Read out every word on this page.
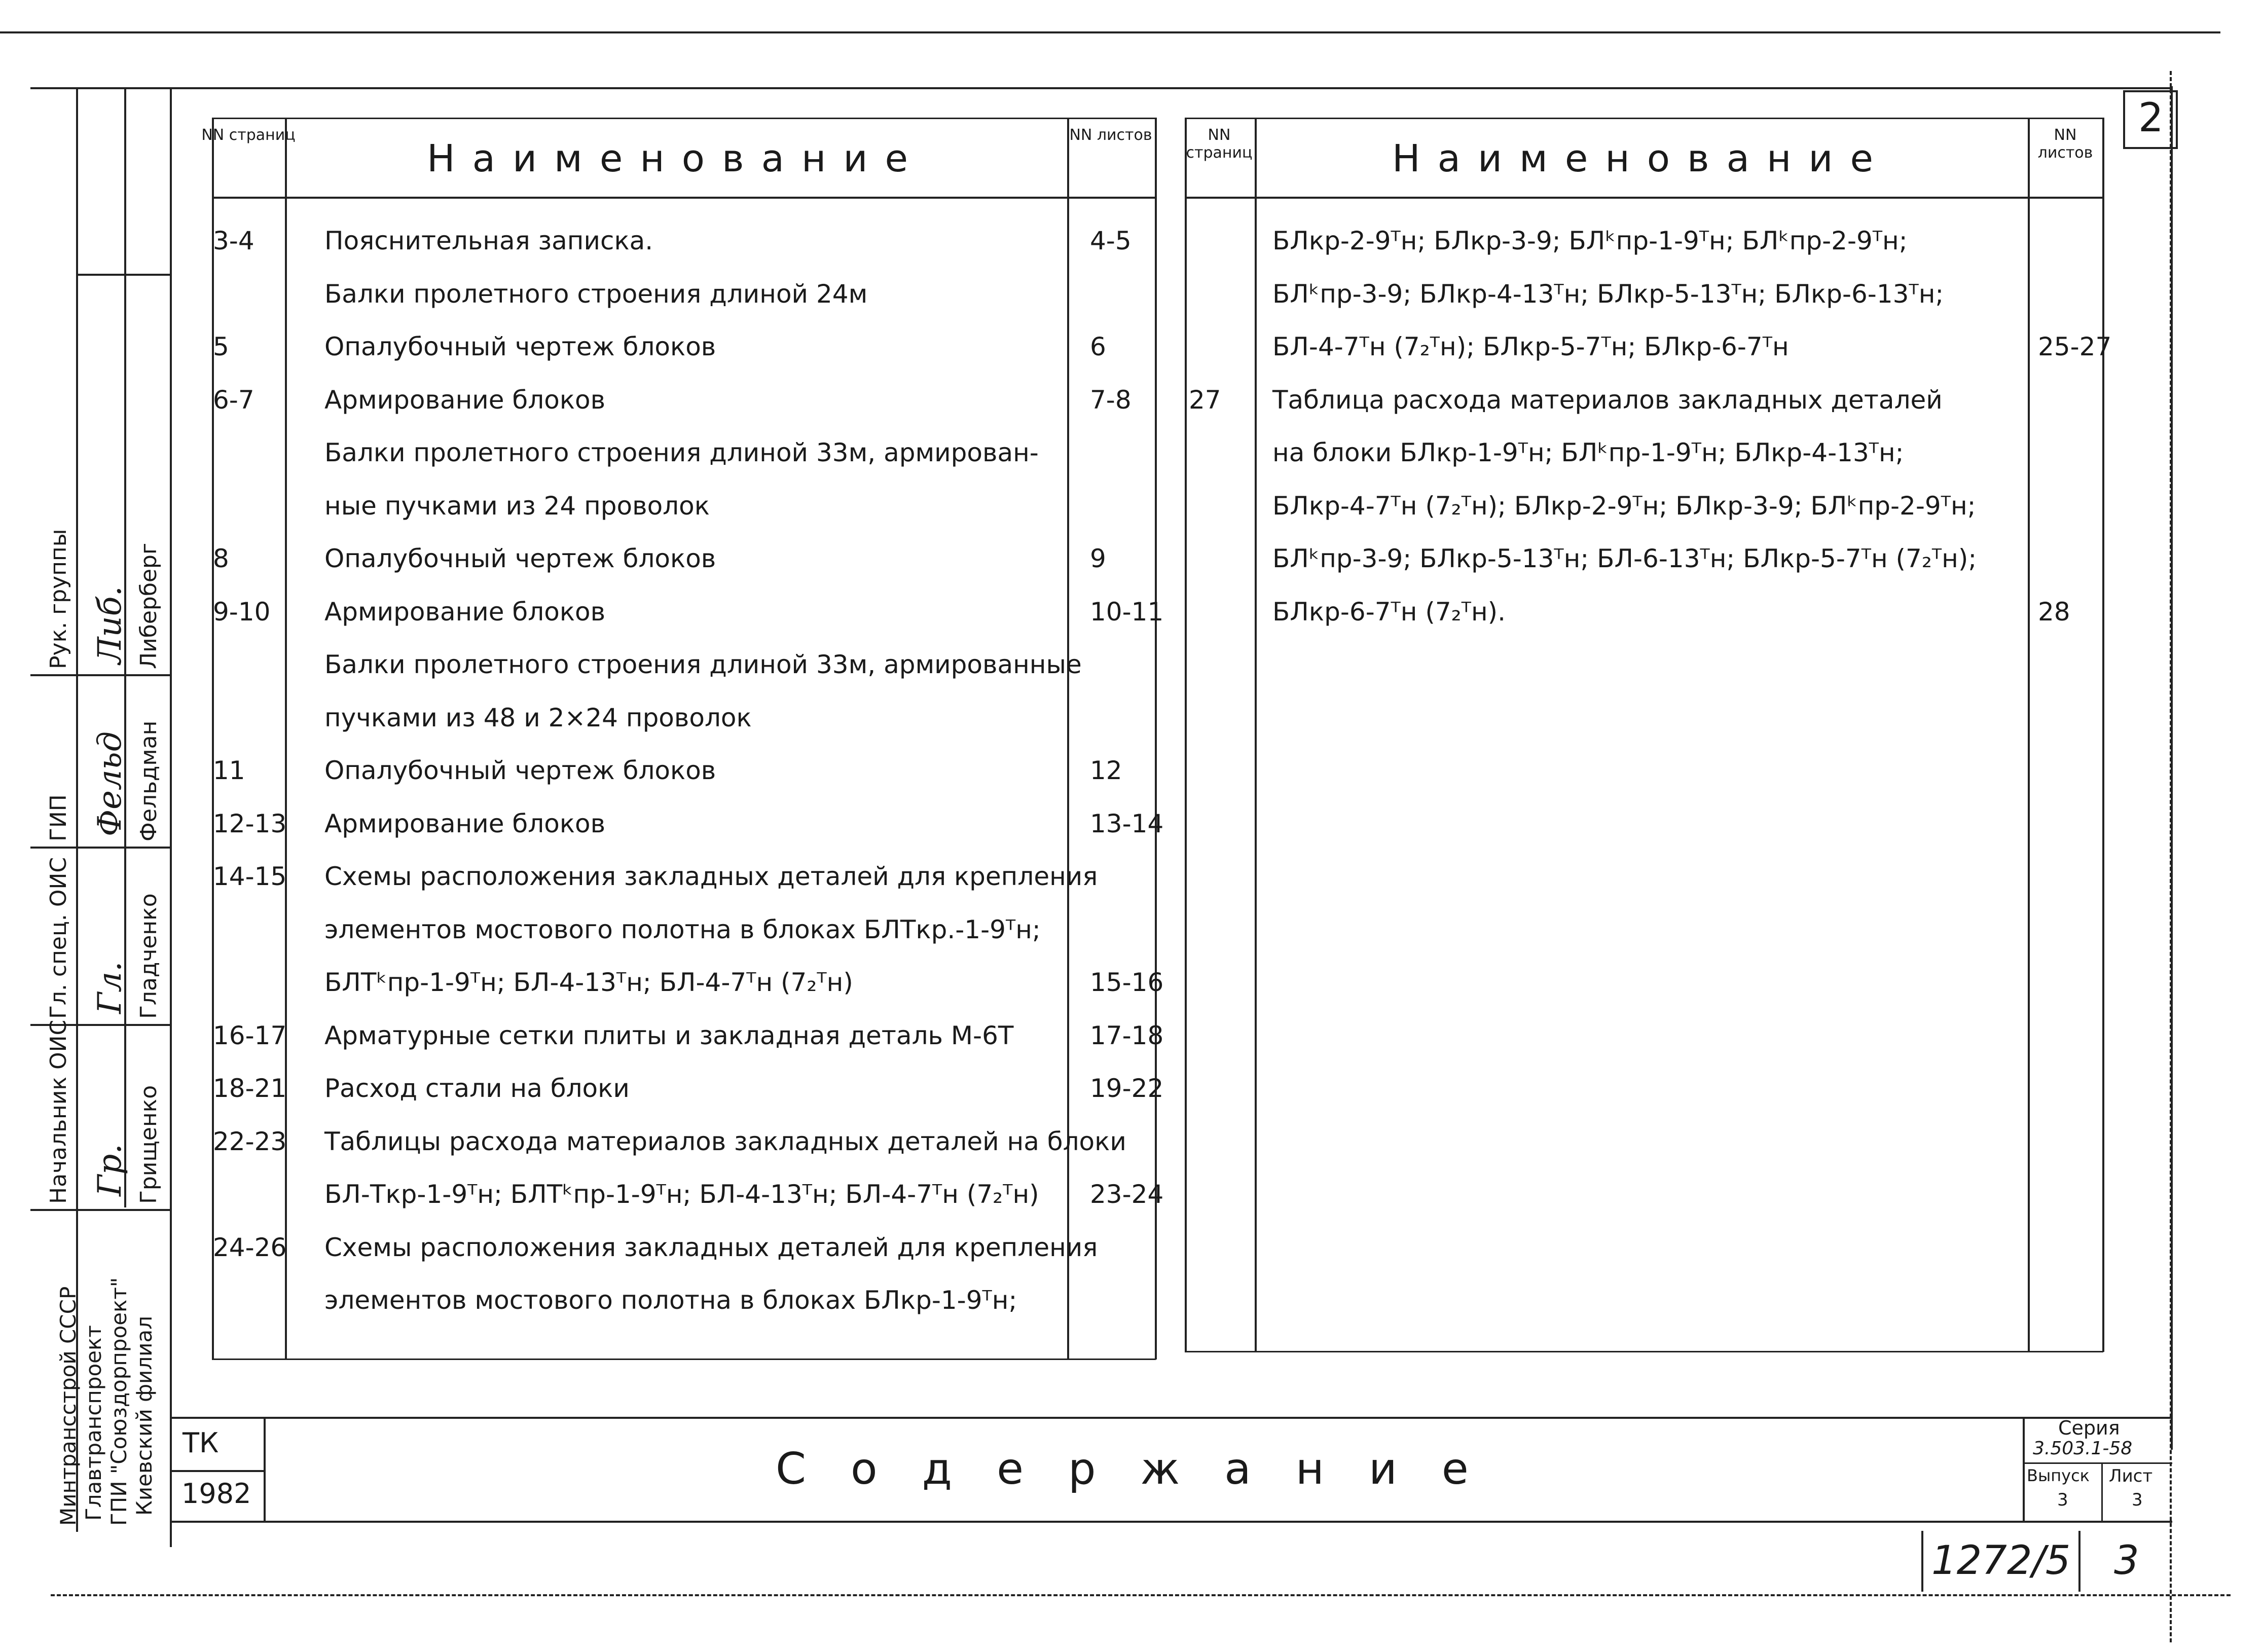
Рук. группы Либ. Либерберг
ГИП Фельд Фельдман
Гл. спец. ОИС Гл. Гладченко
Начальник ОИС Гр. Грищенко
Минтрансстрой СССР Главтранспроект ГПИ "Союздорпроект" Киевский филиал
NN страниц
Наименование
NN листов
3-4	Пояснительная записка.	4-5
Балки пролетного строения длиной 24м
5	Опалубочный чертеж блоков	6
6-7	Армирование блоков	7-8
Балки пролетного строения длиной 33м, армирован-
ные пучками из 24 проволок
8	Опалубочный чертеж блоков	9
9-10 Армирование блоков	10-11
Балки пролетного строения длиной 33м, армированные
пучками из 48 и 2×24 проволок
11	Опалубочный чертеж блоков	12
12-13 Армирование блоков	13-14
14-15 Схемы расположения закладных деталей для крепления
элементов мостового полотна в блоках БЛТкр.-1-9ᵀн;
БЛТᵏпр-1-9ᵀн; БЛ-4-13ᵀн; БЛ-4-7ᵀн (7₂ᵀн)	15-16
16-17 Арматурные сетки плиты и закладная деталь М-6Т	17-18
18-21 Расход стали на блоки	19-22
22-23 Таблицы расхода материалов закладных деталей на блоки
БЛ-Ткр-1-9ᵀн; БЛТᵏпр-1-9ᵀн; БЛ-4-13ᵀн; БЛ-4-7ᵀн (7₂ᵀн) 23-24
24-26 Схемы расположения закладных деталей для крепления
элементов мостового полотна в блоках БЛкр-1-9ᵀн;
NN страниц	Наименование
NN листов
БЛкр-2-9ᵀн; БЛкр-3-9; БЛᵏпр-1-9ᵀн; БЛᵏпр-2-9ᵀн;
БЛᵏпр-3-9; БЛкр-4-13ᵀн; БЛкр-5-13ᵀн; БЛкр-6-13ᵀн;
БЛ-4-7ᵀн (7₂ᵀн); БЛкр-5-7ᵀн; БЛкр-6-7ᵀн	25-27
27 Таблица расхода материалов закладных деталей
на блоки БЛкр-1-9ᵀн; БЛᵏпр-1-9ᵀн; БЛкр-4-13ᵀн;
БЛкр-4-7ᵀн (7₂ᵀн); БЛкр-2-9ᵀн; БЛкр-3-9; БЛᵏпр-2-9ᵀн;
БЛᵏпр-3-9; БЛкр-5-13ᵀн; БЛ-6-13ᵀн; БЛкр-5-7ᵀн (7₂ᵀн);
БЛкр-6-7ᵀн (7₂ᵀн).	28
2
ТК
1982	Содержание
Серия
3.503.1-58
Выпуск
3
Лист
3
1272/5 3
